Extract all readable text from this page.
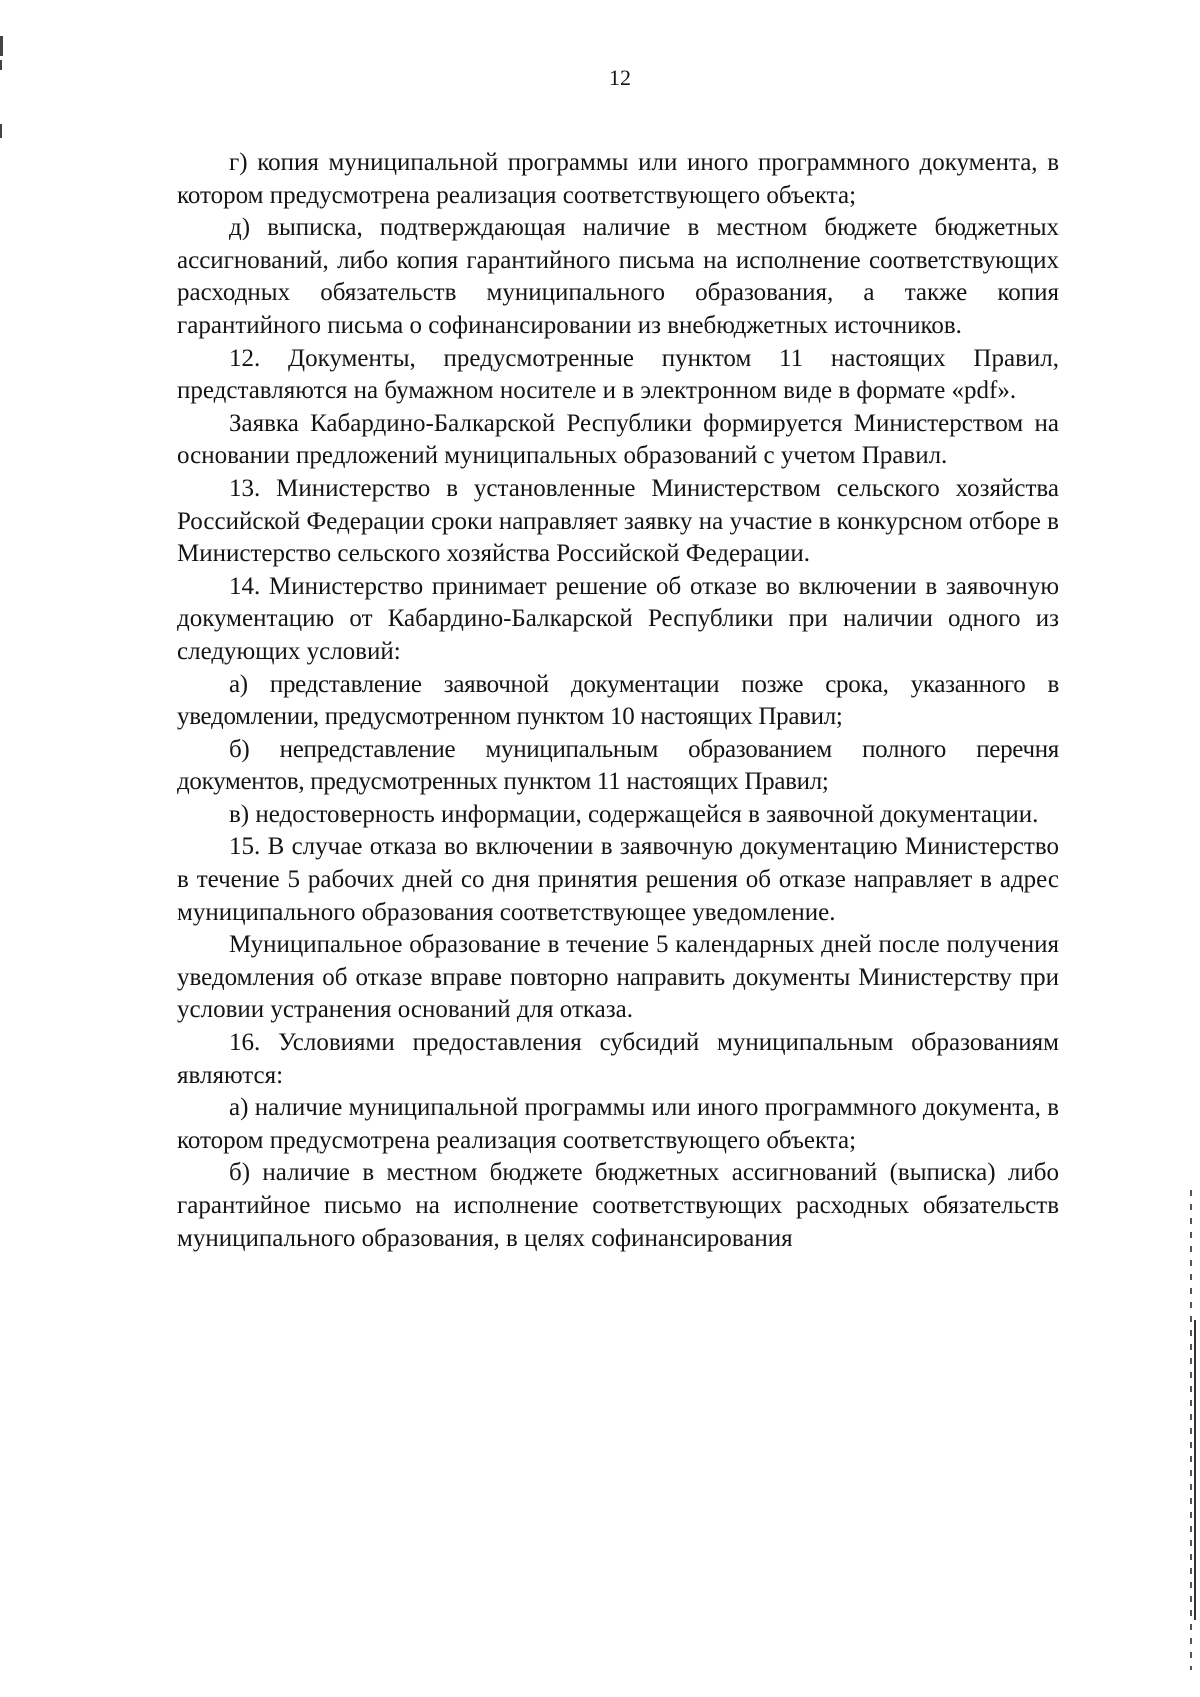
12

г) копия муниципальной программы или иного программного документа, в котором предусмотрена реализация соответствующего объекта;

д) выписка, подтверждающая наличие в местном бюджете бюджетных ассигнований, либо копия гарантийного письма на исполнение соответствующих расходных обязательств муниципального образования, а также копия гарантийного письма о софинансировании из внебюджетных источников.

12. Документы, предусмотренные пунктом 11 настоящих Правил, представляются на бумажном носителе и в электронном виде в формате «pdf».

Заявка Кабардино-Балкарской Республики формируется Министерством на основании предложений муниципальных образований с учетом Правил.

13. Министерство в установленные Министерством сельского хозяйства Российской Федерации сроки направляет заявку на участие в конкурсном отборе в Министерство сельского хозяйства Российской Федерации.

14. Министерство принимает решение об отказе во включении в заявочную документацию от Кабардино-Балкарской Республики при наличии одного из следующих условий:

а) представление заявочной документации позже срока, указанного в уведомлении, предусмотренном пунктом 10 настоящих Правил;

б) непредставление муниципальным образованием полного перечня документов, предусмотренных пунктом 11 настоящих Правил;

в) недостоверность информации, содержащейся в заявочной документации.

15. В случае отказа во включении в заявочную документацию Министерство в течение 5 рабочих дней со дня принятия решения об отказе направляет в адрес муниципального образования соответствующее уведомление.

Муниципальное образование в течение 5 календарных дней после получения уведомления об отказе вправе повторно направить документы Министерству при условии устранения оснований для отказа.

16. Условиями предоставления субсидий муниципальным образованиям являются:

а) наличие муниципальной программы или иного программного документа, в котором предусмотрена реализация соответствующего объекта;

б) наличие в местном бюджете бюджетных ассигнований (выписка) либо гарантийное письмо на исполнение соответствующих расходных обязательств муниципального образования, в целях софинансирования
